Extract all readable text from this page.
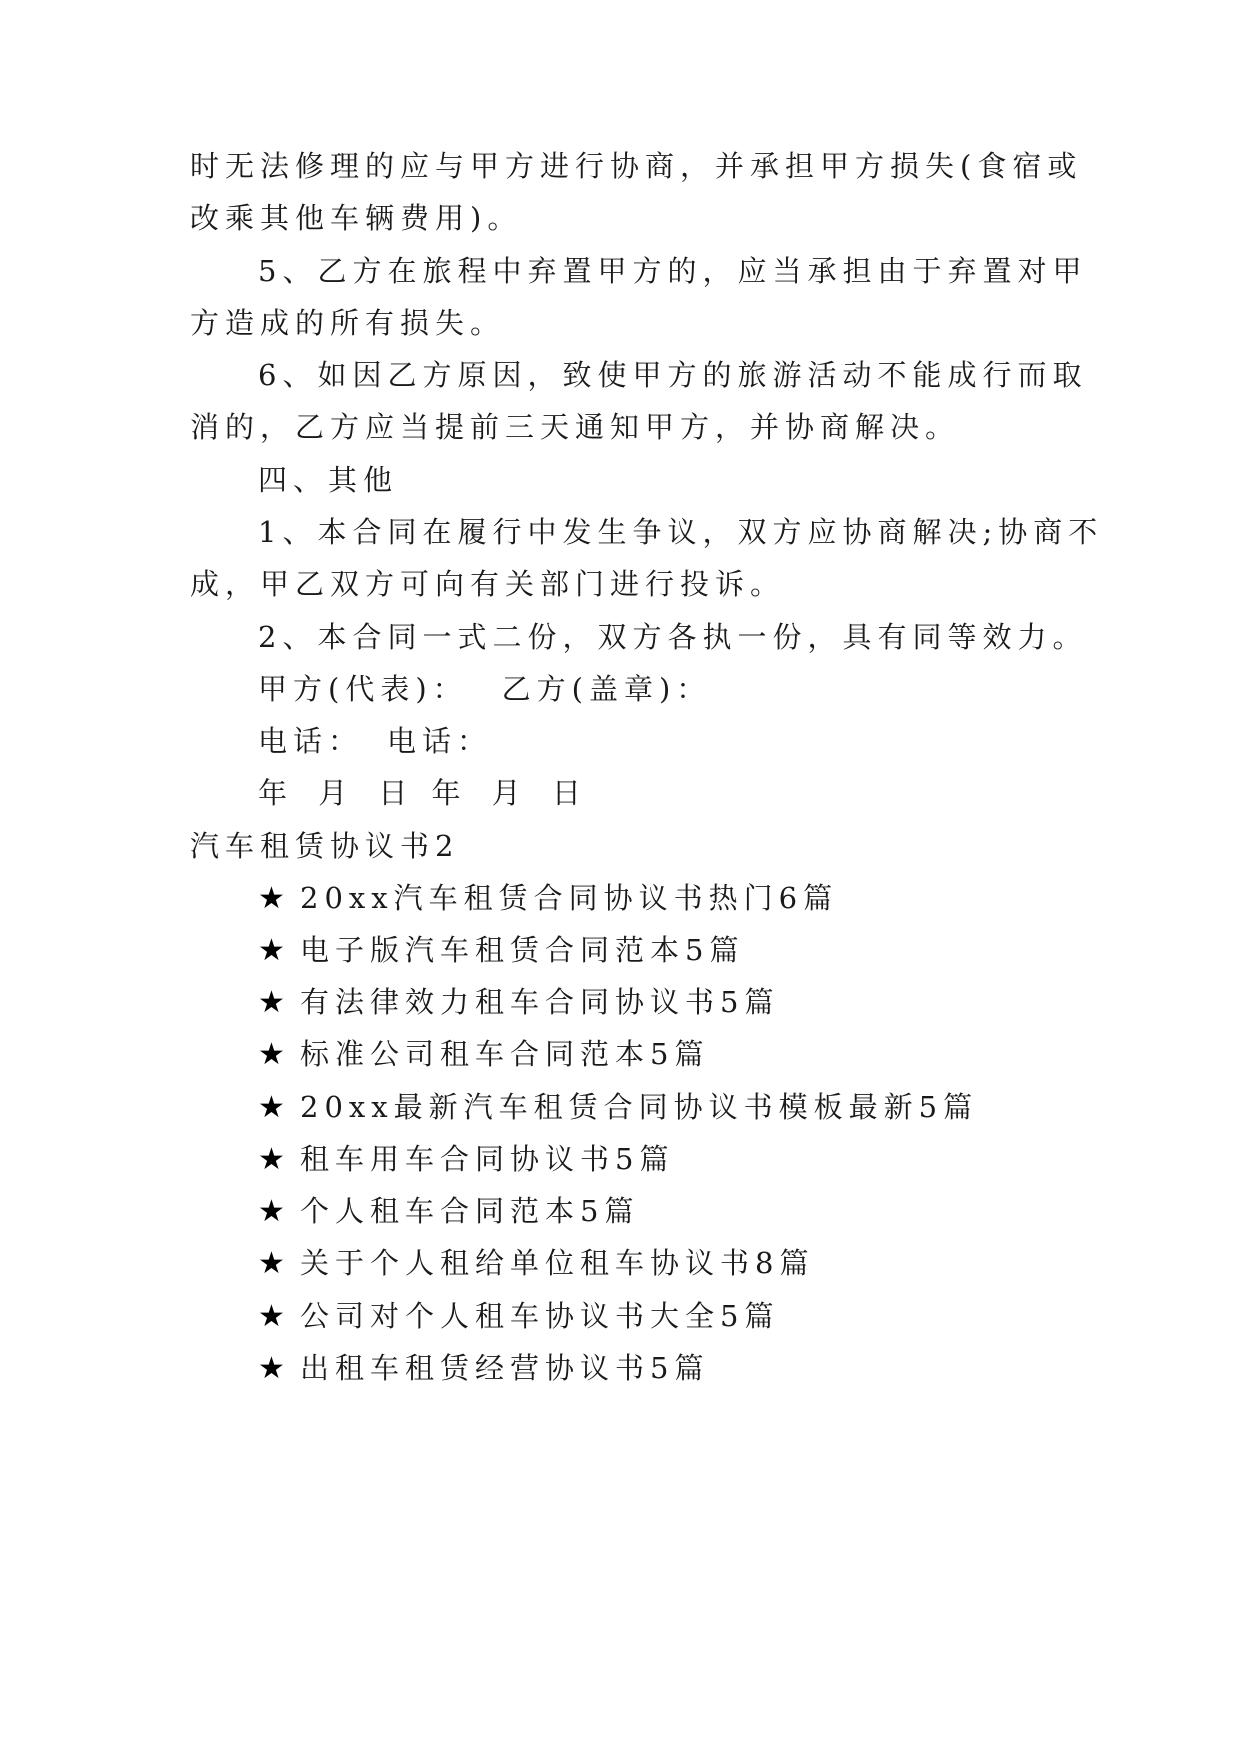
时无法修理的应与甲方进行协商，并承担甲方损失(食宿或
改乘其他车辆费用)。
5、乙方在旅程中弃置甲方的，应当承担由于弃置对甲
方造成的所有损失。
6、如因乙方原因，致使甲方的旅游活动不能成行而取
消的，乙方应当提前三天通知甲方，并协商解决。
四、其他
1、本合同在履行中发生争议，双方应协商解决;协商不
成，甲乙双方可向有关部门进行投诉。
2、本合同一式二份，双方各执一份，具有同等效力。
甲方(代表)： 乙方(盖章)：
电话： 电话：
年 月 日 年 月 日
汽车租赁协议书2
★ 20xx汽车租赁合同协议书热门6篇
★ 电子版汽车租赁合同范本5篇
★ 有法律效力租车合同协议书5篇
★ 标准公司租车合同范本5篇
★ 20xx最新汽车租赁合同协议书模板最新5篇
★ 租车用车合同协议书5篇
★ 个人租车合同范本5篇
★ 关于个人租给单位租车协议书8篇
★ 公司对个人租车协议书大全5篇
★ 出租车租赁经营协议书5篇
